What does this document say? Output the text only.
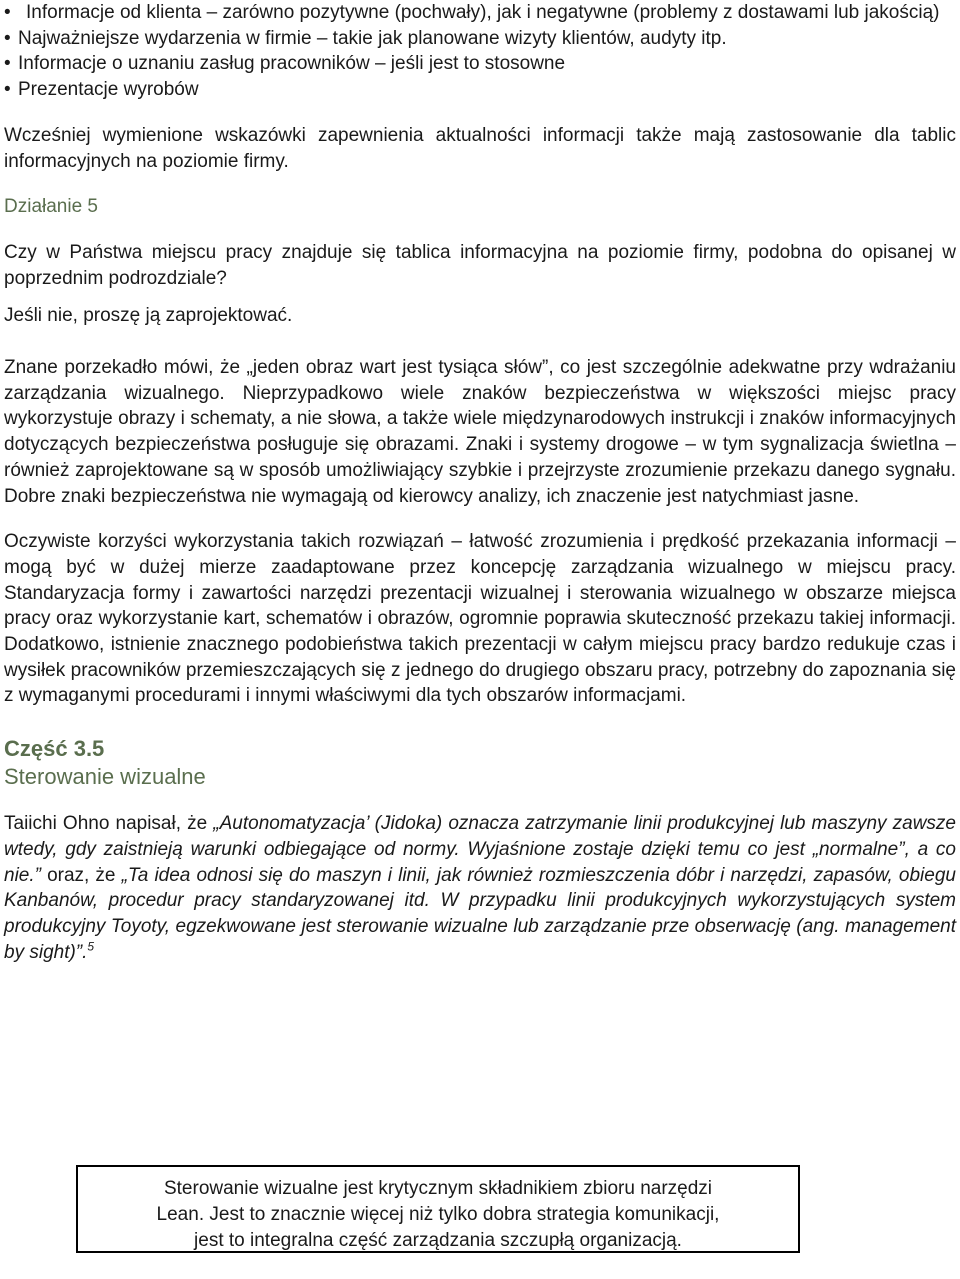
• Informacje od klienta – zarówno pozytywne (pochwały), jak i negatywne (problemy z dostawami lub jakością)
• Najważniejsze wydarzenia w firmie – takie jak planowane wizyty klientów, audyty itp.
• Informacje o uznaniu zasług pracowników – jeśli jest to stosowne
• Prezentacje wyrobów

Wcześniej wymienione wskazówki zapewnienia aktualności informacji także mają zastosowanie dla tablic informacyjnych na poziomie firmy.

Działanie 5

Czy w Państwa miejscu pracy znajduje się tablica informacyjna na poziomie firmy, podobna do opisanej w poprzednim podrozdziale?

Jeśli nie, proszę ją zaprojektować.

Znane porzekadło mówi, że „jeden obraz wart jest tysiąca słów”, co jest szczególnie adekwatne przy wdrażaniu zarządzania wizualnego. Nieprzypadkowo wiele znaków bezpieczeństwa w większości miejsc pracy wykorzystuje obrazy i schematy, a nie słowa, a także wiele międzynarodowych instrukcji i znaków informacyjnych dotyczących bezpieczeństwa posługuje się obrazami. Znaki i systemy drogowe – w tym sygnalizacja świetlna – również zaprojektowane są w sposób umożliwiający szybkie i przejrzyste zrozumienie przekazu danego sygnału. Dobre znaki bezpieczeństwa nie wymagają od kierowcy analizy, ich znaczenie jest natychmiast jasne.

Oczywiste korzyści wykorzystania takich rozwiązań – łatwość zrozumienia i prędkość przekazania informacji – mogą być w dużej mierze zaadaptowane przez koncepcję zarządzania wizualnego w miejscu pracy. Standaryzacja formy i zawartości narzędzi prezentacji wizualnej i sterowania wizualnego w obszarze miejsca pracy oraz wykorzystanie kart, schematów i obrazów, ogromnie poprawia skuteczność przekazu takiej informacji. Dodatkowo, istnienie znacznego podobieństwa takich prezentacji w całym miejscu pracy bardzo redukuje czas i wysiłek pracowników przemieszczających się z jednego do drugiego obszaru pracy, potrzebny do zapoznania się z wymaganymi procedurami i innymi właściwymi dla tych obszarów informacjami.

Część 3.5

Sterowanie wizualne

Taiichi Ohno napisał, że „Autonomatyzacja’ (Jidoka) oznacza zatrzymanie linii produkcyjnej lub maszyny zawsze wtedy, gdy zaistnieją warunki odbiegające od normy. Wyjaśnione zostaje dzięki temu co jest „normalne”, a co nie.” oraz, że „Ta idea odnosi się do maszyn i linii, jak również rozmieszczenia dóbr i narzędzi, zapasów, obiegu Kanbanów, procedur pracy standaryzowanej itd. W przypadku linii produkcyjnych wykorzystujących system produkcyjny Toyoty, egzekwowane jest sterowanie wizualne lub zarządzanie prze obserwację (ang. management by sight)”.$^5$

Sterowanie wizualne jest krytycznym składnikiem zbioru narzędzi
Lean. Jest to znacznie więcej niż tylko dobra strategia komunikacji,
jest to integralna część zarządzania szczupłą organizacją.
